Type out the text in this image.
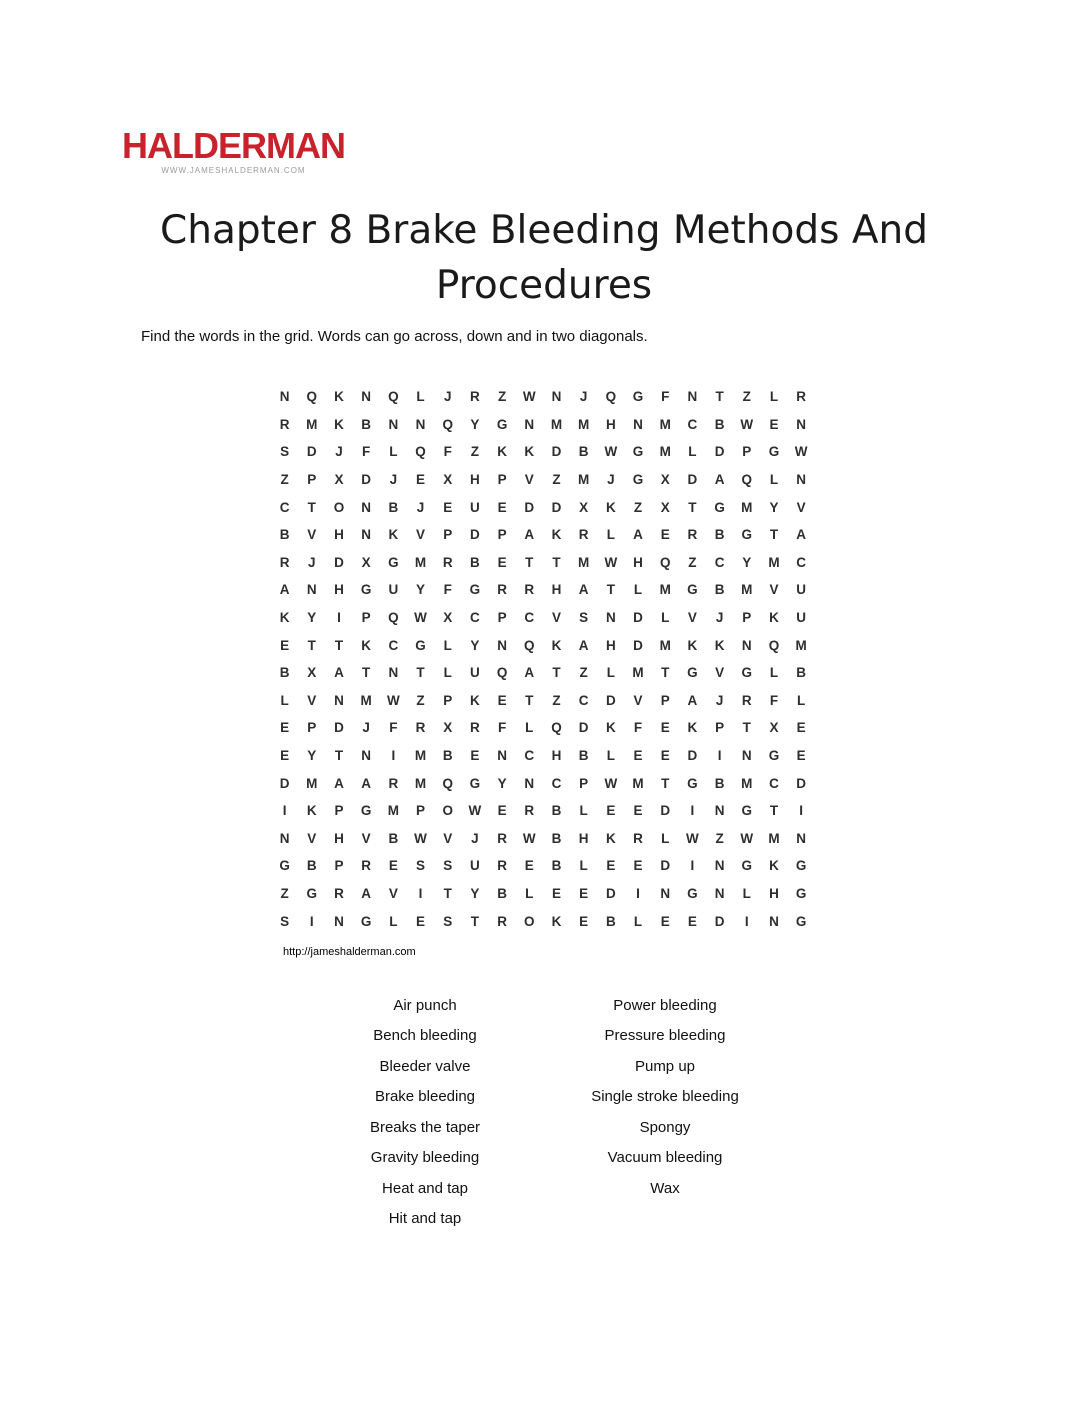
HALDERMAN
WWW.JAMESHALDERMAN.COM
Chapter 8 Brake Bleeding Methods And
Procedures

Find the words in the grid. Words can go across, down and in two diagonals.

N	Q	K	N	Q	L	J	R	Z	W	N	J	Q	G	F	N	T	Z	L	R
R	M	K	B	N	N	Q	Y	G	N	M	M	H	N	M	C	B	W	E	N
S	D	J	F	L	Q	F	Z	K	K	D	B	W	G	M	L	D	P	G	W
Z	P	X	D	J	E	X	H	P	V	Z	M	J	G	X	D	A	Q	L	N
C	T	O	N	B	J	E	U	E	D	D	X	K	Z	X	T	G	M	Y	V
B	V	H	N	K	V	P	D	P	A	K	R	L	A	E	R	B	G	T	A
R	J	D	X	G	M	R	B	E	T	T	M	W	H	Q	Z	C	Y	M	C
A	N	H	G	U	Y	F	G	R	R	H	A	T	L	M	G	B	M	V	U
K	Y	I	P	Q	W	X	C	P	C	V	S	N	D	L	V	J	P	K	U
E	T	T	K	C	G	L	Y	N	Q	K	A	H	D	M	K	K	N	Q	M
B	X	A	T	N	T	L	U	Q	A	T	Z	L	M	T	G	V	G	L	B
L	V	N	M	W	Z	P	K	E	T	Z	C	D	V	P	A	J	R	F	L
E	P	D	J	F	R	X	R	F	L	Q	D	K	F	E	K	P	T	X	E
E	Y	T	N	I	M	B	E	N	C	H	B	L	E	E	D	I	N	G	E
D	M	A	A	R	M	Q	G	Y	N	C	P	W	M	T	G	B	M	C	D
I	K	P	G	M	P	O	W	E	R	B	L	E	E	D	I	N	G	T	I
N	V	H	V	B	W	V	J	R	W	B	H	K	R	L	W	Z	W	M	N
G	B	P	R	E	S	S	U	R	E	B	L	E	E	D	I	N	G	K	G
Z	G	R	A	V	I	T	Y	B	L	E	E	D	I	N	G	N	L	H	G
S	I	N	G	L	E	S	T	R	O	K	E	B	L	E	E	D	I	N	G
http://jameshalderman.com
Air punch
Bench bleeding
Bleeder valve
Brake bleeding
Breaks the taper
Gravity bleeding
Heat and tap
Hit and tap
Power bleeding
Pressure bleeding
Pump up
Single stroke bleeding
Spongy
Vacuum bleeding
Wax
